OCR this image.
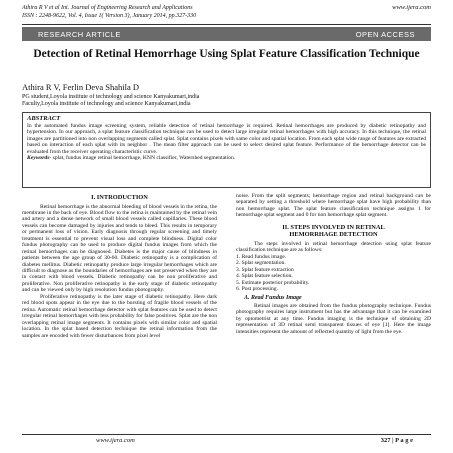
Athira R V et al Int. Journal of Engineering Research and Applications
ISSN : 2248-9622, Vol. 4, Issue 1( Version 3), January 2014, pp.327-330
www.ijera.com
RESEARCH ARTICLE	OPEN ACCESS
Detection of Retinal Hemorrhage Using Splat Feature Classification Technique
Athira R V, Ferlin Deva Shahila D
PG student,Loyola institute of technology and science Kanyakumari,india
Faculty,Loyola institute of technology and science Kanyakumari,india
ABSTRACT
In the automated fundus image screening system, reliable detection of retinal hemorrhage is required. Retinal hemorrhages are produced by diabetic retinopathy and hypertension. In our approach, a splat feature classification technique can be used to detect large irregular retinal hemorrhages with high accuracy. In this technique, the retinal images are partitioned into non overlapping segments called splat. Splat contains pixels with same color and spatial location. From each splat wide range of features are extracted based on interaction of each splat with its neighbor . The mean filter approach can be used to select desired splat feature. Performance of the hemorrhage detector can be evaluated from the receiver operating characteristic curve.
Keywords- splat, fundus image retinal hemorrhage, KNN classifier, Watershed segmentation.
I. INTRODUCTION

Retinal hemorrhage is the abnormal bleeding of blood vessels in the retina, the membrane in the back of eye. Blood flow to the retina is maintained by the retinal vein and artery and a dense network of small blood vessels called capillaries. These blood vessels can become damaged by injuries and tends to bleed. This results in temporary or permanent loss of vision. Early diagnosis through regular screening and timely treatment is essential to prevent visual loss and complete blindness. Digital color fundus photography can be used to produce digital fundus images from which the retinal hemorrhages can be diagnosed. Diabetes is the major cause of blindness in patients between the age group of 30-60. Diabetic retinopathy is a complication of diabetes mellitus. Diabetic retinopathy produce large irregular hemorrhages which are difficult to diagnose as the boundaries of hemorrhages are not preserved when they are in contact with blood vessels. Diabetic retinopathy can be non proliferative and proliferative. Non proliferative retinopathy is the early stage of diabetic retinopathy and can be viewed only by high resolution fundus photography.

Proliferative retinopathy is the later stage of diabetic retinopathy. Here dark red blood spots appear in the eye due to the bursting of fragile blood vessels of the retina. Automatic retinal hemorrhage detector with splat features can be used to detect irregular retinal hemorrhages with less probability for false positives. Splat are the non overlapping retinal image segments. It contains pixels with similar color and spatial location. In the splat based detection technique the retinal information from the samples are encoded with fewer disturbances from pixel level

noise. From the split segments; hemorrhage region and retinal background can be separated by setting a threshold where hemorrhage splat have high probability than non hemorrhage splat. The splat feature classification technique assigns 1 for hemorrhage splat segment and 0 for non hemorrhage splat segment.

II. STEPS INVOLVED IN RETINAL
HEMORRHAGE DETECTION

The steps involved in retinal hemorrhage detection using splat feature classification technique are as follows:

1. Read fundus image.
2. Splat segmentation.
3. Splat feature extraction
4. Splat feature selection.
5. Estimate posterior probability.
6. Post processing.
A. Read Fundus Image

Retinal images are obtained from the fundus photography technique. Fundus photography requires large instrument but has the advantage that it can be examined by optometrist at any time. Fundus imaging is the technique of obtaining 2D representation of 3D retinal semi transparent tissues of eye [1]. Here the image intensities represent the amount of reflected quantity of light from the eye.

www.ijera.com	327 | P a g e
